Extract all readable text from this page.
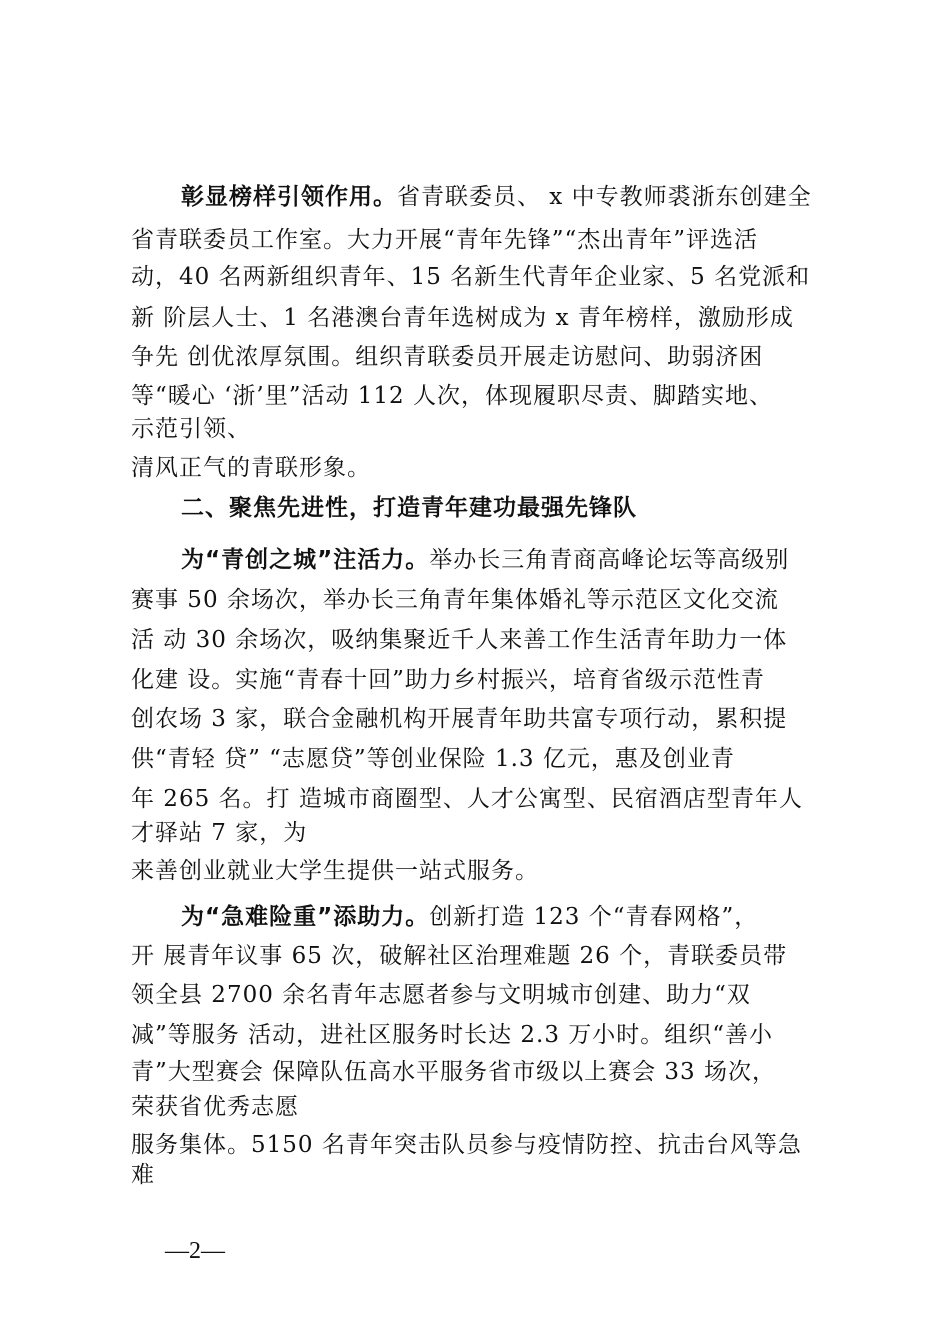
彰显榜样引领作用。省青联委员、 x 中专教师裘浙东创建全
省青联委员工作室。大力开展“青年先锋”“杰出青年”评选活
动，40 名两新组织青年、15 名新生代青年企业家、5 名党派和
新 阶层人士、1 名港澳台青年选树成为 x 青年榜样，激励形成
争先 创优浓厚氛围。组织青联委员开展走访慰问、助弱济困
等“暖心 ‘浙’里”活动 112 人次，体现履职尽责、脚踏实地、
示范引领、
清风正气的青联形象。
二、聚焦先进性，打造青年建功最强先锋队
为“青创之城”注活力。举办长三角青商高峰论坛等高级别
赛事 50 余场次，举办长三角青年集体婚礼等示范区文化交流
活 动 30 余场次，吸纳集聚近千人来善工作生活青年助力一体
化建 设。实施“青春十回”助力乡村振兴，培育省级示范性青
创农场 3 家，联合金融机构开展青年助共富专项行动，累积提
供“青轻 贷” “志愿贷”等创业保险 1.3 亿元，惠及创业青
年 265 名。打 造城市商圈型、人才公寓型、民宿酒店型青年人
才驿站 7 家，为
来善创业就业大学生提供一站式服务。
为“急难险重”添助力。创新打造 123 个“青春网格”，
开 展青年议事 65 次，破解社区治理难题 26 个，青联委员带
领全县 2700 余名青年志愿者参与文明城市创建、助力“双
减”等服务 活动，进社区服务时长达 2.3 万小时。组织“善小
青”大型赛会 保障队伍高水平服务省市级以上赛会 33 场次，
荣获省优秀志愿
服务集体。5150 名青年突击队员参与疫情防控、抗击台风等急
难
—2—
